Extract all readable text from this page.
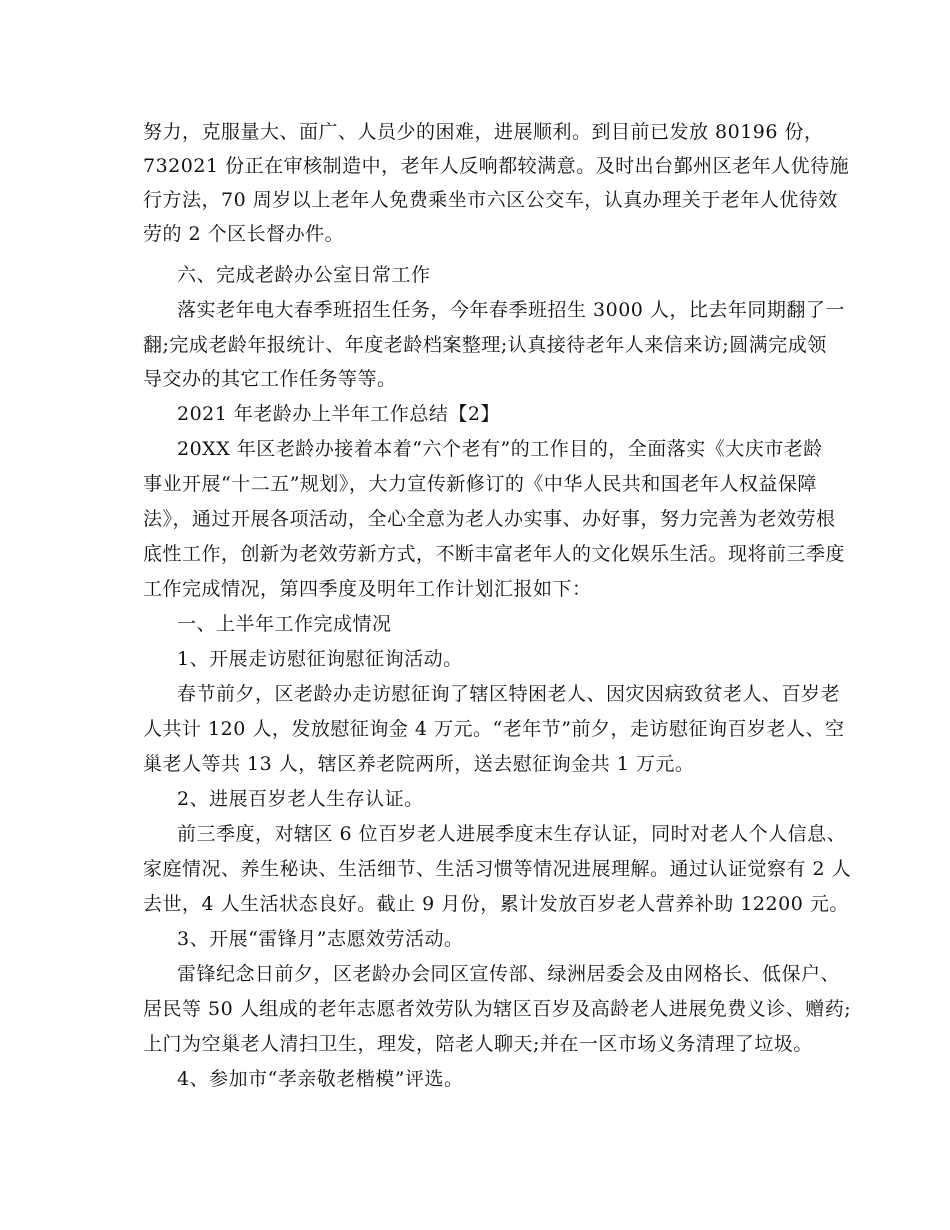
努力，克服量大、面广、人员少的困难，进展顺利。到目前已发放 80196 份，
732021 份正在审核制造中，老年人反响都较满意。及时出台鄞州区老年人优待施
行方法，70 周岁以上老年人免费乘坐市六区公交车，认真办理关于老年人优待效
劳的 2 个区长督办件。
六、完成老龄办公室日常工作
落实老年电大春季班招生任务，今年春季班招生 3000 人，比去年同期翻了一
翻;完成老龄年报统计、年度老龄档案整理;认真接待老年人来信来访;圆满完成领
导交办的其它工作任务等等。
2021 年老龄办上半年工作总结【2】
20XX 年区老龄办接着本着“六个老有”的工作目的，全面落实《大庆市老龄
事业开展“十二五”规划》，大力宣传新修订的《中华人民共和国老年人权益保障
法》，通过开展各项活动，全心全意为老人办实事、办好事，努力完善为老效劳根
底性工作，创新为老效劳新方式，不断丰富老年人的文化娱乐生活。现将前三季度
工作完成情况，第四季度及明年工作计划汇报如下：
一、上半年工作完成情况
1、开展走访慰征询慰征询活动。
春节前夕，区老龄办走访慰征询了辖区特困老人、因灾因病致贫老人、百岁老
人共计 120 人，发放慰征询金 4 万元。“老年节”前夕，走访慰征询百岁老人、空
巢老人等共 13 人，辖区养老院两所，送去慰征询金共 1 万元。
2、进展百岁老人生存认证。
前三季度，对辖区 6 位百岁老人进展季度末生存认证，同时对老人个人信息、
家庭情况、养生秘诀、生活细节、生活习惯等情况进展理解。通过认证觉察有 2 人
去世，4 人生活状态良好。截止 9 月份，累计发放百岁老人营养补助 12200 元。
3、开展“雷锋月”志愿效劳活动。
雷锋纪念日前夕，区老龄办会同区宣传部、绿洲居委会及由网格长、低保户、
居民等 50 人组成的老年志愿者效劳队为辖区百岁及高龄老人进展免费义诊、赠药;
上门为空巢老人清扫卫生，理发，陪老人聊天;并在一区市场义务清理了垃圾。
4、参加市“孝亲敬老楷模”评选。
